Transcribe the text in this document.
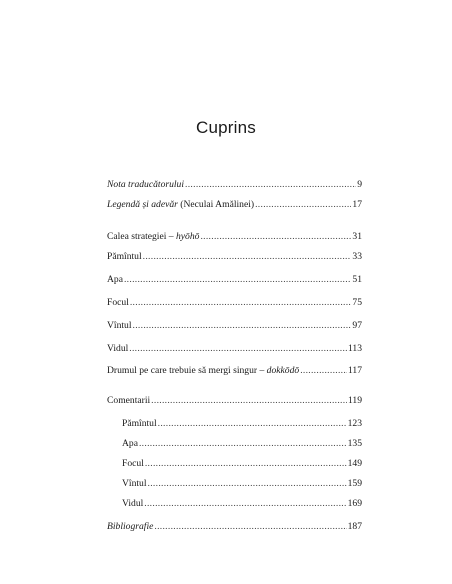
Cuprins
Nota traducătorului .....	9
Legendă și adevăr (Neculai Amălinei) .....	17
Calea strategiei – hyōhō .....	31
Pămîntul .....	33
Apa .....	51
Focul .....	75
Vîntul .....	97
Vidul .....	113
Drumul pe care trebuie să mergi singur – dokkōdō .....	117
Comentarii .....	119
Pămîntul .....	123
Apa .....	135
Focul .....	149
Vîntul .....	159
Vidul .....	169
Bibliografie .....	187
